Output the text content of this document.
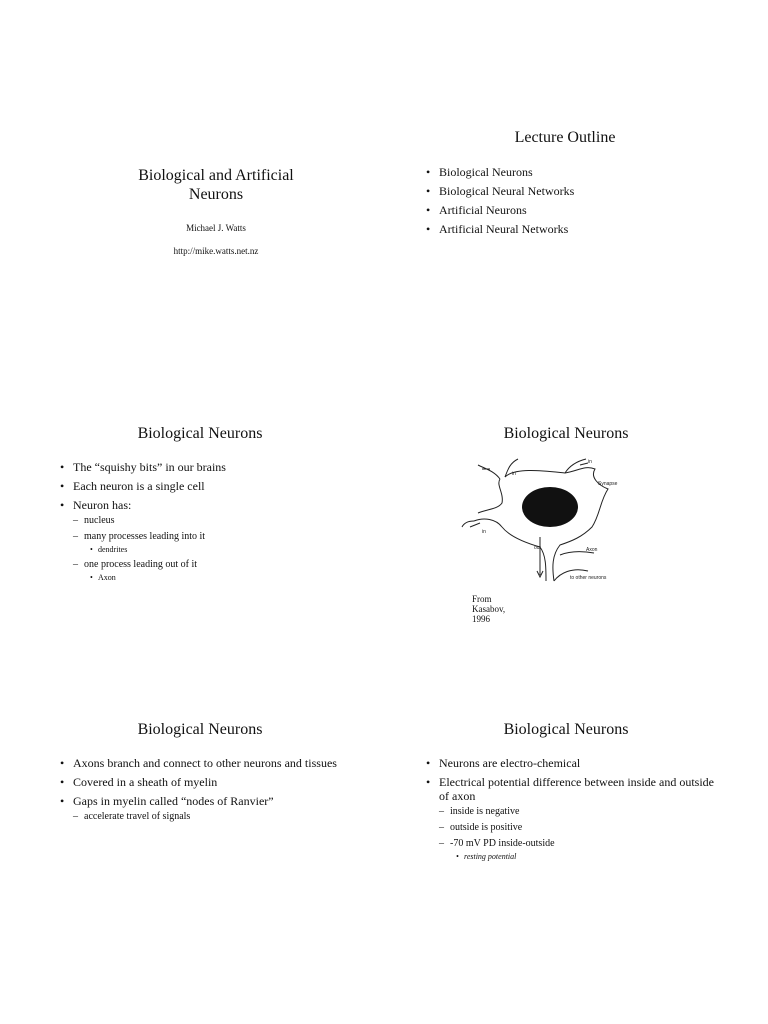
Biological and Artificial Neurons
Michael J. Watts
http://mike.watts.net.nz
Lecture Outline
• Biological Neurons
• Biological Neural Networks
• Artificial Neurons
• Artificial Neural Networks
Biological Neurons
• The “squishy bits” in our brains
• Each neuron is a single cell
• Neuron has:
– nucleus
– many processes leading into it
• dendrites
– one process leading out of it
• Axon
Biological Neurons
in
in
Synapse
in
out	Axon
to other neurons
From Kasabov, 1996
Biological Neurons
• Axons branch and connect to other neurons and tissues
• Covered in a sheath of myelin
• Gaps in myelin called “nodes of Ranvier”
– accelerate travel of signals
Biological Neurons
• Neurons are electro-chemical
• Electrical potential difference between inside and outside of axon
– inside is negative
– outside is positive
– -70 mV PD inside-outside
• resting potential
